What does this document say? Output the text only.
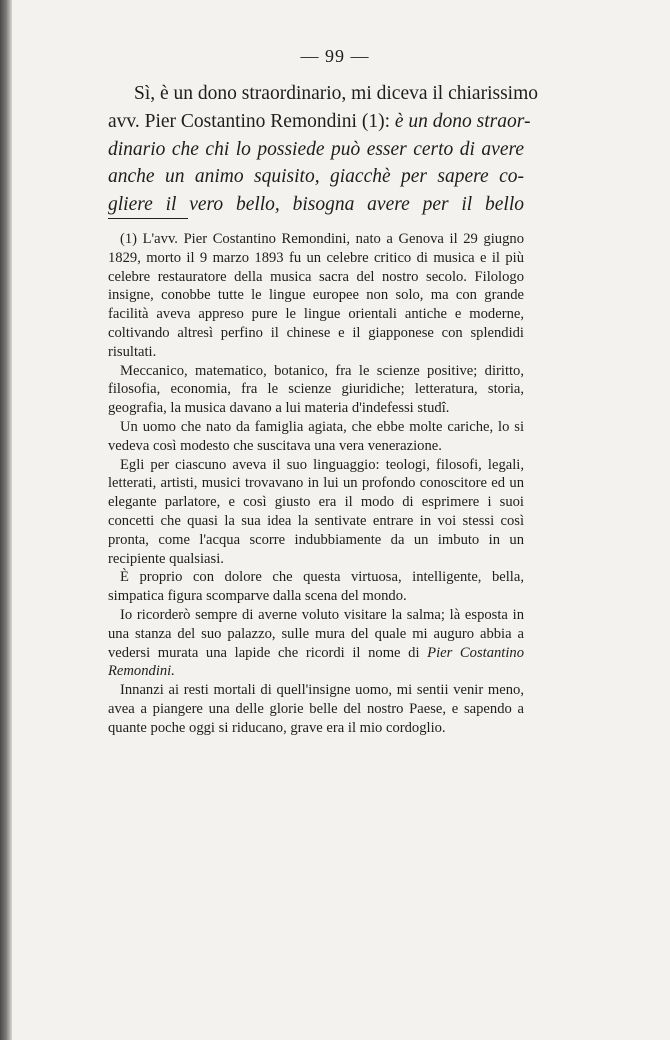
— 99 —
Sì, è un dono straordinario, mi diceva il chiarissimo
avv. Pier Costantino Remondini (1): è un dono straor-
dinario che chi lo possiede può esser certo di avere
anche un animo squisito, giacchè per sapere co-
gliere il vero bello, bisogna avere per il bello

(1) L'avv. Pier Costantino Remondini, nato a Genova il 29 giugno 1829, morto il 9 marzo 1893 fu un celebre critico di musica e il più celebre restauratore della musica sacra del nostro secolo. Filologo insigne, conobbe tutte le lingue europee non solo, ma con grande facilità aveva appreso pure le lingue orientali antiche e moderne, coltivando altresì perfino il chinese e il giapponese con splendidi risultati.

Meccanico, matematico, botanico, fra le scienze positive; diritto, filosofia, economia, fra le scienze giuridiche; letteratura, storia, geografia, la musica davano a lui materia d'indefessi studî.

Un uomo che nato da famiglia agiata, che ebbe molte cariche, lo si vedeva così modesto che suscitava una vera venerazione.

Egli per ciascuno aveva il suo linguaggio: teologi, filosofi, legali, letterati, artisti, musici trovavano in lui un profondo conoscitore ed un elegante parlatore, e così giusto era il modo di esprimere i suoi concetti che quasi la sua idea la sentivate entrare in voi stessi così pronta, come l'acqua scorre indubbiamente da un imbuto in un recipiente qualsiasi.

È proprio con dolore che questa virtuosa, intelligente, bella, simpatica figura scomparve dalla scena del mondo.

Io ricorderò sempre di averne voluto visitare la salma; là esposta in una stanza del suo palazzo, sulle mura del quale mi auguro abbia a vedersi murata una lapide che ricordi il nome di Pier Costantino Remondini.

Innanzi ai resti mortali di quell'insigne uomo, mi sentii venir meno, avea a piangere una delle glorie belle del nostro Paese, e sapendo a quante poche oggi si riducano, grave era il mio cordoglio.
